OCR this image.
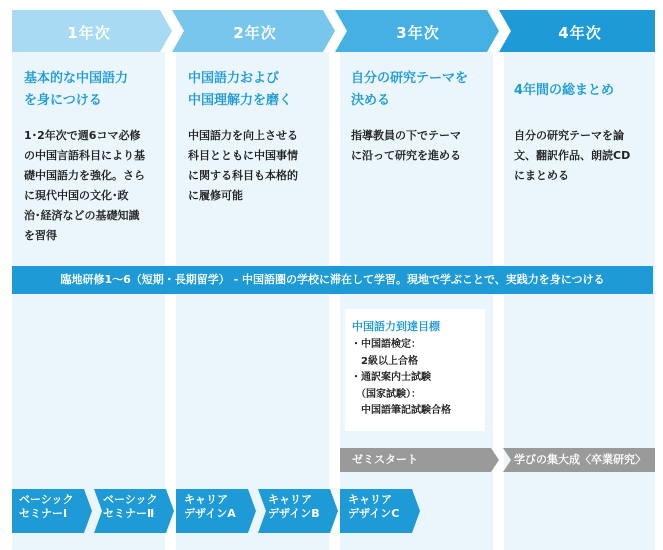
1年次	2年次	3年次	4年次
基本的な中国語力
を身につける
中国語力および
中国理解力を磨く
自分の研究テーマを
決める
4年間の総まとめ
1･2年次で週6コマ必修
の中国言語科目により基
礎中国語力を強化。さら
に現代中国の文化･政
治･経済などの基礎知識
を習得
中国語力を向上させる
科目とともに中国事情
に関する科目も本格的
に履修可能
指導教員の下でテーマ
に沿って研究を進める
自分の研究テーマを論
文、翻訳作品、朗読CD
にまとめる
臨地研修1～6（短期・長期留学） - 中国語圏の学校に滞在して学習。現地で学ぶことで、実践力を身につける
中国語力到達目標
・中国語検定：
　2級以上合格
・通訳案内士試験
　（国家試験）：
　中国語筆記試験合格
ゼミスタート	学びの集大成〈卒業研究〉
ベーシック
セミナーⅠ
ベーシック
セミナーⅡ
キャリア
デザインA
キャリア
デザインB
キャリア
デザインC
